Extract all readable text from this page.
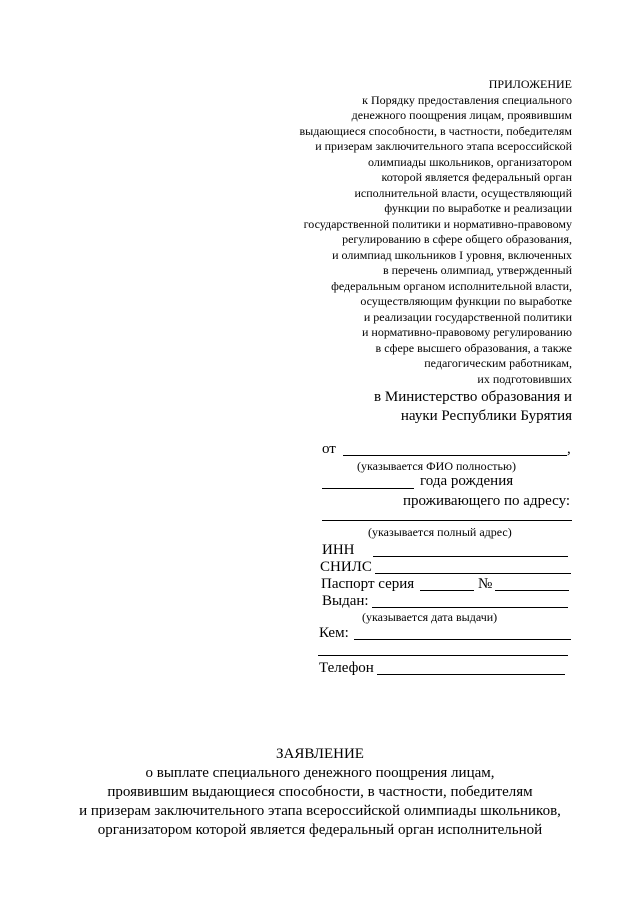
ПРИЛОЖЕНИЕ
к Порядку предоставления специального
денежного поощрения лицам, проявившим
выдающиеся способности, в частности, победителям
и призерам заключительного этапа всероссийской
олимпиады школьников, организатором
которой является федеральный орган
исполнительной власти, осуществляющий
функции по выработке и реализации
государственной политики и нормативно-правовому
регулированию в сфере общего образования,
и олимпиад школьников I уровня, включенных
в перечень олимпиад, утвержденный
федеральным органом исполнительной власти,
осуществляющим функции по выработке
и реализации государственной политики
и нормативно-правовому регулированию
в сфере высшего образования, а также
педагогическим работникам,
их подготовивших
в Министерство образования и
науки Республики Бурятия
от	,
(указывается ФИО полностью)
года рождения
проживающего по адресу:
(указывается полный адрес)
ИНН
СНИЛС
Паспорт серия	№
Выдан:
(указывается дата выдачи)
Кем:
Телефон
ЗАЯВЛЕНИЕ
о выплате специального денежного поощрения лицам,
проявившим выдающиеся способности, в частности, победителям
и призерам заключительного этапа всероссийской олимпиады школьников,
организатором которой является федеральный орган исполнительной
